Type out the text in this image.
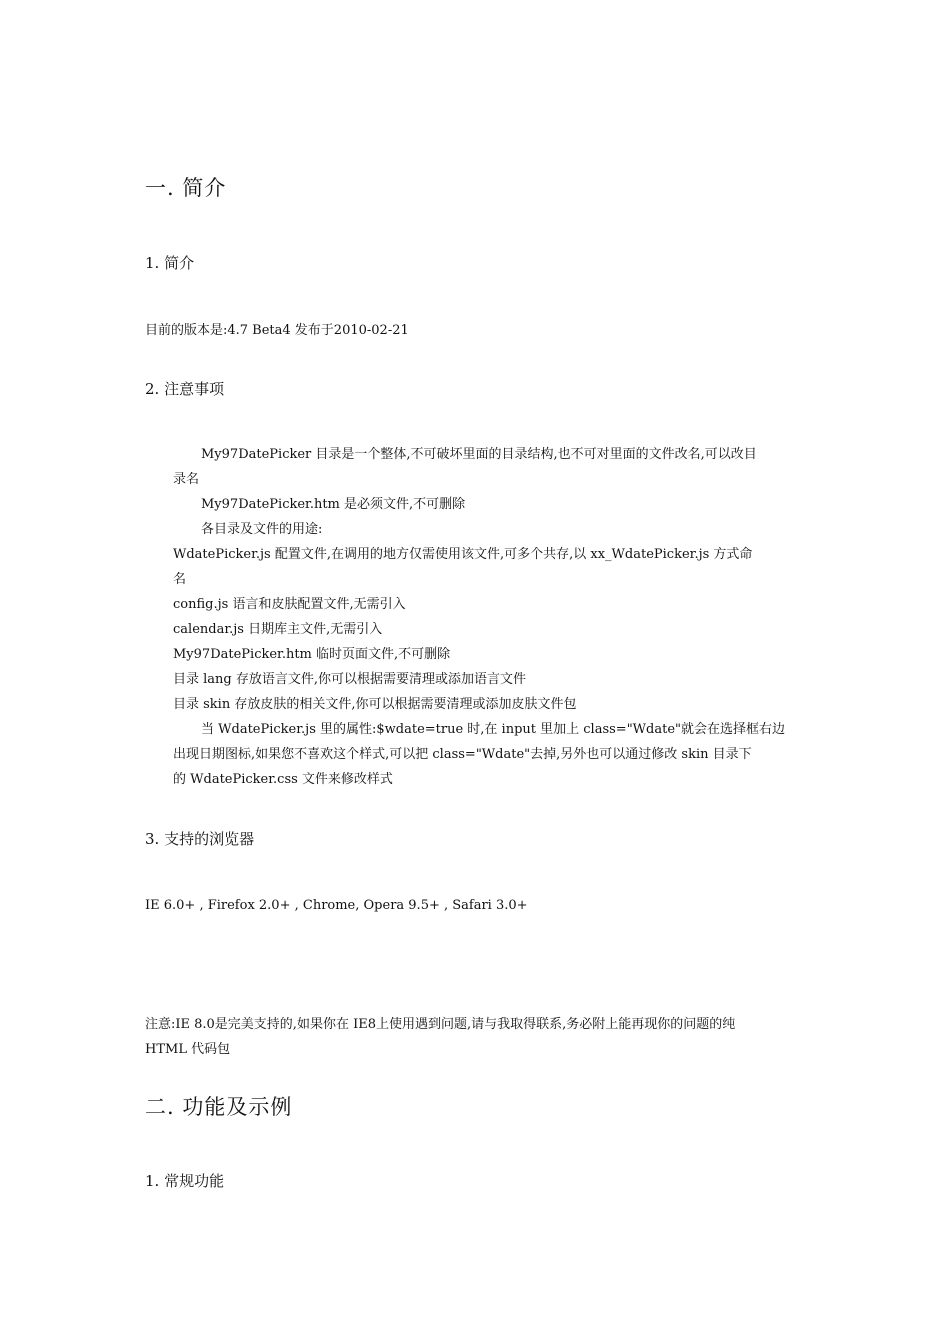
一. 简介
1. 简介
目前的版本是:4.7 Beta4 发布于2010-02-21
2. 注意事项
My97DatePicker 目录是一个整体,不可破坏里面的目录结构,也不可对里面的文件改名,可以改目
录名
My97DatePicker.htm 是必须文件,不可删除
各目录及文件的用途:
WdatePicker.js 配置文件,在调用的地方仅需使用该文件,可多个共存,以 xx_WdatePicker.js 方式命
名
config.js 语言和皮肤配置文件,无需引入
calendar.js 日期库主文件,无需引入
My97DatePicker.htm 临时页面文件,不可删除
目录 lang 存放语言文件,你可以根据需要清理或添加语言文件
目录 skin 存放皮肤的相关文件,你可以根据需要清理或添加皮肤文件包
当 WdatePicker.js 里的属性:$wdate=true 时,在 input 里加上 class="Wdate"就会在选择框右边
出现日期图标,如果您不喜欢这个样式,可以把 class="Wdate"去掉,另外也可以通过修改 skin 目录下
的 WdatePicker.css 文件来修改样式
3. 支持的浏览器
IE 6.0+ , Firefox 2.0+ , Chrome, Opera 9.5+ , Safari 3.0+
注意:IE 8.0是完美支持的,如果你在 IE8上使用遇到问题,请与我取得联系,务必附上能再现你的问题的纯
HTML 代码包
二. 功能及示例
1. 常规功能
